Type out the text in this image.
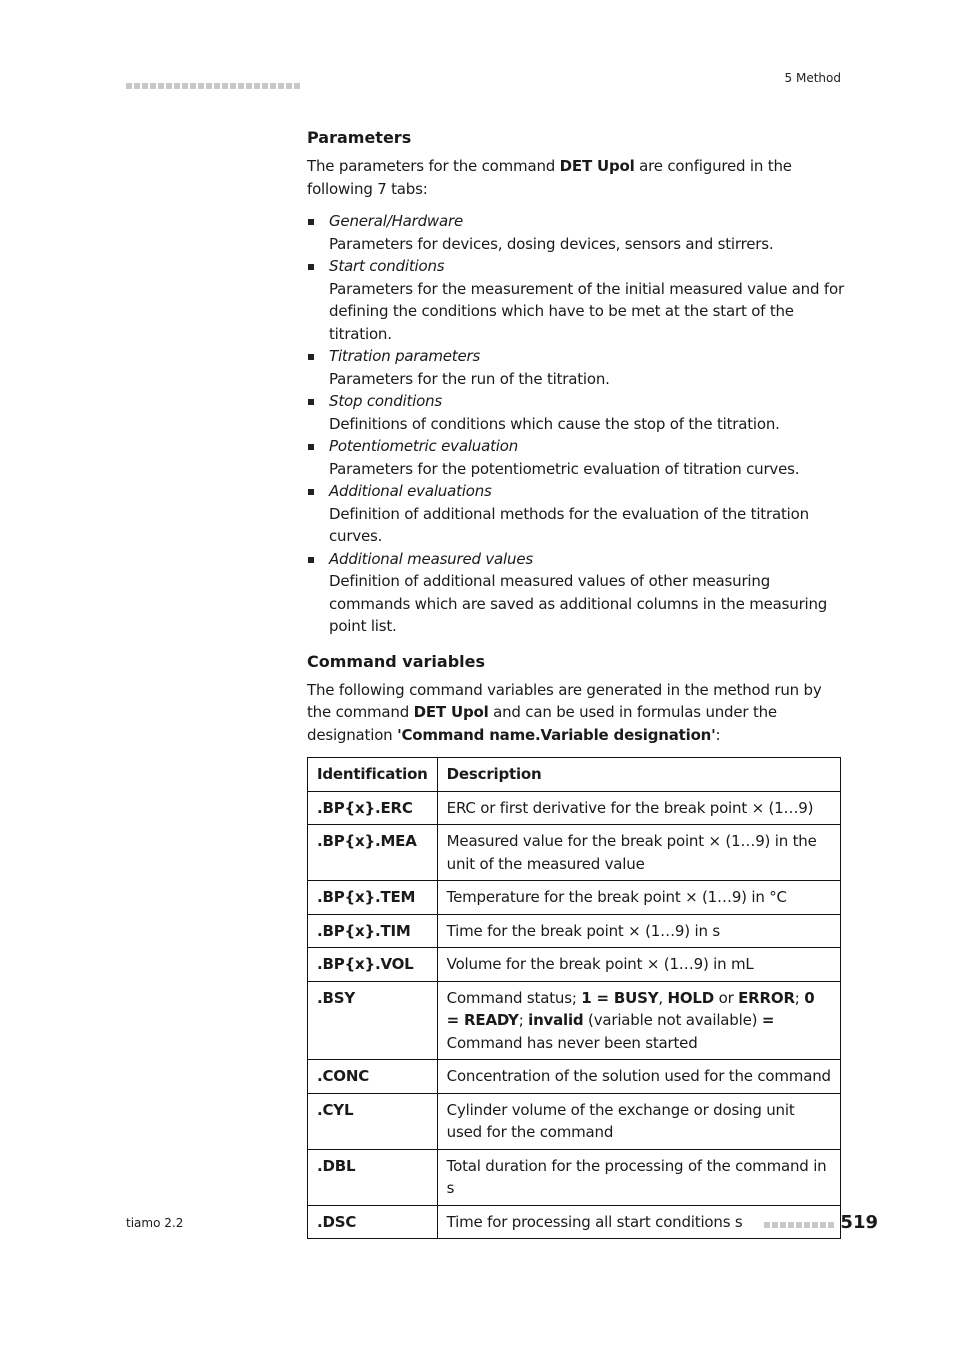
5 Method
Parameters

The parameters for the command DET Upol are configured in the following 7 tabs:

General/Hardware
Parameters for devices, dosing devices, sensors and stirrers.
Start conditions
Parameters for the measurement of the initial measured value and for defining the conditions which have to be met at the start of the titration.
Titration parameters
Parameters for the run of the titration.
Stop conditions
Definitions of conditions which cause the stop of the titration.
Potentiometric evaluation
Parameters for the potentiometric evaluation of titration curves.
Additional evaluations
Definition of additional methods for the evaluation of the titration curves.
Additional measured values
Definition of additional measured values of other measuring commands which are saved as additional columns in the measuring point list.
Command variables

The following command variables are generated in the method run by the command DET Upol and can be used in formulas under the designation 'Command name.Variable designation':

Identification	Description
.BP{x}.ERC	ERC or first derivative for the break point × (1…9)
.BP{x}.MEA	Measured value for the break point × (1…9) in the unit of the measured value
.BP{x}.TEM	Temperature for the break point × (1…9) in °C
.BP{x}.TIM	Time for the break point × (1…9) in s
.BP{x}.VOL	Volume for the break point × (1…9) in mL
.BSY	Command status; 1 = BUSY, HOLD or ERROR; 0 = READY; invalid (variable not available) = Command has never been started
.CONC	Concentration of the solution used for the command
.CYL	Cylinder volume of the exchange or dosing unit used for the command
.DBL	Total duration for the processing of the command in s
.DSC	Time for processing all start conditions s
tiamo 2.2	519
